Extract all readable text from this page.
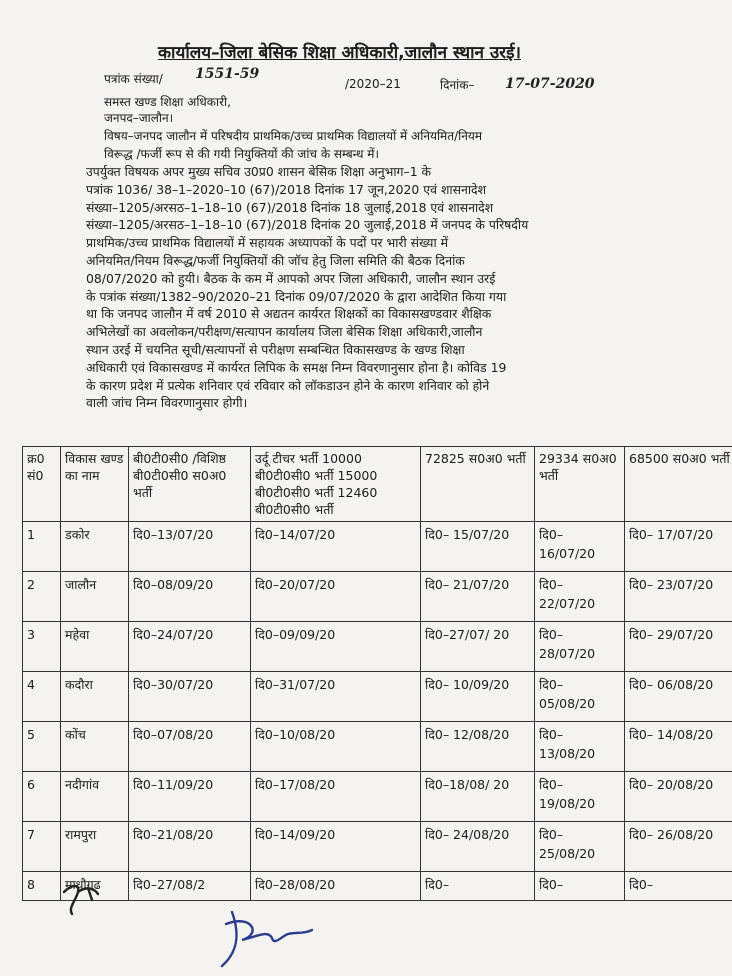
कार्यालय–जिला बेसिक शिक्षा अधिकारी,जालौन स्थान उरई।
पत्रांक संख्या/ 1551-59
/2020–21	दिनांक– 17-07-2020
समस्त खण्ड शिक्षा अधिकारी,
जनपद–जालौन।
विषय–जनपद जालौन में परिषदीय प्राथमिक/उच्च प्राथमिक विद्यालयों में अनियमित/नियम
विरूद्ध /फर्जी रूप से की गयी नियुक्तियों की जांच के सम्बन्ध में।
उपर्युक्त विषयक अपर मुख्य सचिव उ0प्र0 शासन बेसिक शिक्षा अनुभाग–1 के
पत्रांक 1036/ 38–1–2020–10 (67)/2018 दिनांक 17 जून,2020 एवं शासनादेश
संख्या–1205/अरसठ–1–18–10 (67)/2018 दिनांक 18 जुलाई,2018 एवं शासनादेश
संख्या–1205/अरसठ–1–18–10 (67)/2018 दिनांक 20 जुलाई,2018 में जनपद के परिषदीय
प्राथमिक/उच्च प्राथमिक विद्यालयों में सहायक अध्यापकों के पदों पर भारी संख्या में
अनियमित/नियम विरूद्ध/फर्जी नियुक्तियों की जॉच हेतु जिला समिति की बैठक दिनांक
08/07/2020 को हुयी। बैठक के कम में आपको अपर जिला अधिकारी, जालौन स्थान उरई
के पत्रांक संख्या/1382–90/2020–21 दिनांक 09/07/2020 के द्वारा आदेशित किया गया
था कि जनपद जालौन में वर्ष 2010 से अद्यतन कार्यरत शिक्षकों का विकासखण्डवार शैक्षिक
अभिलेखों का अवलोकन/परीक्षण/सत्यापन कार्यालय जिला बेसिक शिक्षा अधिकारी,जालौन
स्थान उरई में चयनित सूची/सत्यापनों से परीक्षण सम्बन्धित विकासखण्ड के खण्ड शिक्षा
अधिकारी एवं विकासखण्ड में कार्यरत लिपिक के समक्ष निम्न विवरणानुसार होना है। कोविड 19
के कारण प्रदेश में प्रत्येक शनिवार एवं रविवार को लॉकडाउन होने के कारण शनिवार को होने
वाली जांच निम्न विवरणानुसार होगी।
क्र0 सं0	विकास खण्ड का नाम	बी0टी0सी0 /विशिष्ठ बी0टी0सी0 स0अ0 भर्ती	उर्दू टीचर भर्ती 10000 बी0टी0सी0 भर्ती 15000 बी0टी0सी0 भर्ती 12460 बी0टी0सी0 भर्ती	72825 स0अ0 भर्ती	29334 स0अ0 भर्ती	68500 स0अ0 भर्ती
1	डकोर	दि0–13/07/20	दि0–14/07/20	दि0– 15/07/20	दि0– 16/07/20	दि0– 17/07/20
2	जालौन	दि0–08/09/20	दि0–20/07/20	दि0– 21/07/20	दि0– 22/07/20	दि0– 23/07/20
3	महेवा	दि0–24/07/20	दि0–09/09/20	दि0–27/07/ 20	दि0– 28/07/20	दि0– 29/07/20
4	कदौरा	दि0–30/07/20	दि0–31/07/20	दि0– 10/09/20	दि0– 05/08/20	दि0– 06/08/20
5	कोंच	दि0–07/08/20	दि0–10/08/20	दि0– 12/08/20	दि0– 13/08/20	दि0– 14/08/20
6	नदीगांव	दि0–11/09/20	दि0–17/08/20	दि0–18/08/ 20	दि0– 19/08/20	दि0– 20/08/20
7	रामपुरा	दि0–21/08/20	दि0–14/09/20	दि0– 24/08/20	दि0– 25/08/20	दि0– 26/08/20
8	माधौगढ	दि0–27/08/2	दि0–28/08/20	दि0–	दि0–	दि0–
